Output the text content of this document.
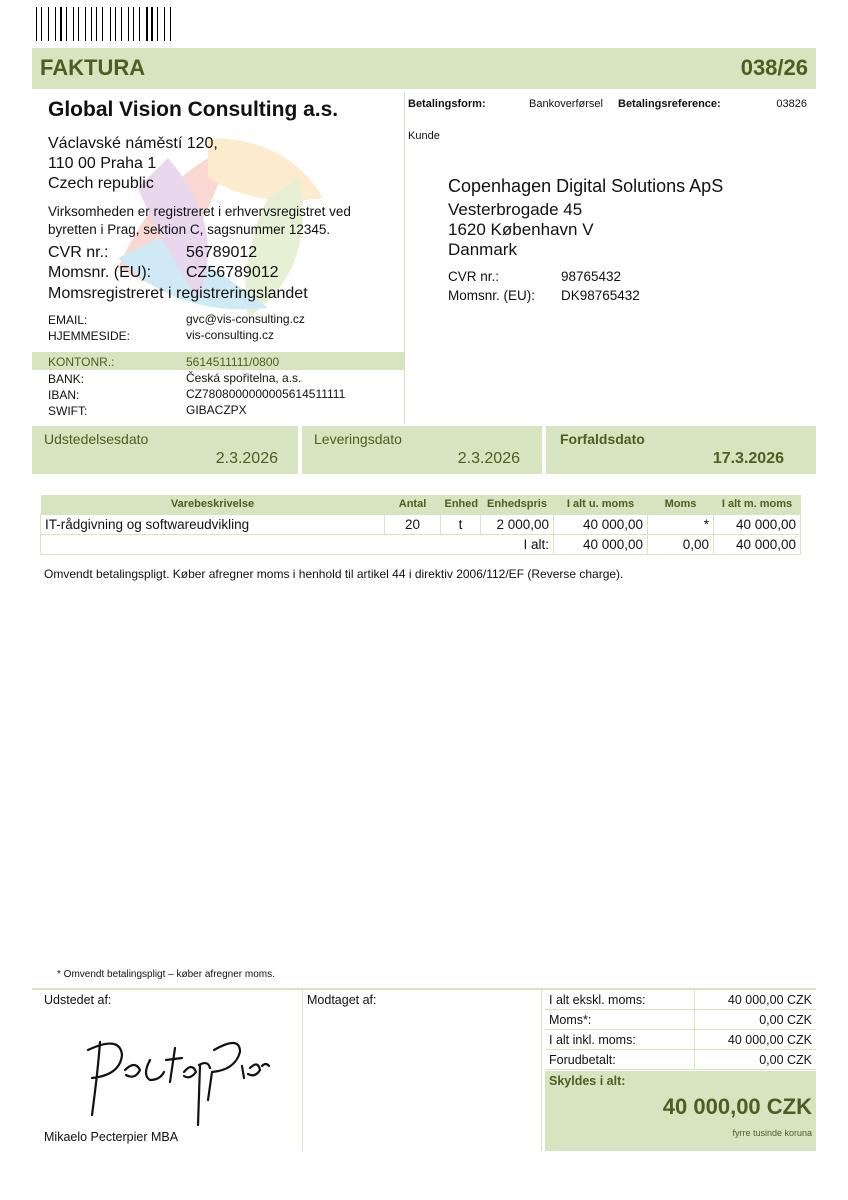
FAKTURA	038/26
Global Vision Consulting a.s.
Václavské náměstí 120,
110 00 Praha 1
Czech republic
Virksomheden er registreret i erhvervsregistret ved byretten i Prag, sektion C, sagsnummer 12345.
CVR nr.:	56789012
Momsnr. (EU): CZ56789012
Momsregistreret i registreringslandet
EMAIL:	gvc@vis-consulting.cz
HJEMMESIDE:	vis-consulting.cz
KONTONR.:	5614511111/0800
BANK:	Česká spořitelna, a.s.
IBAN:	CZ7808000000005614511111
SWIFT:	GIBACZPX
Betalingsform:	Bankoverførsel Betalingsreference:	03826
Kunde
Copenhagen Digital Solutions ApS
Vesterbrogade 45
1620 København V
Danmark
CVR nr.:	98765432
Momsnr. (EU): DK98765432
Udstedelsesdato
2.3.2026
Leveringsdato
2.3.2026
Forfaldsdato
17.3.2026
Varebeskrivelse	Antal	Enhed	Enhedspris	I alt u. moms	Moms	I alt m. moms
IT-rådgivning og softwareudvikling	20	t	2 000,00	40 000,00	*	40 000,00
I alt:				40 000,00	0,00	40 000,00
Omvendt betalingspligt. Køber afregner moms i henhold til artikel 44 i direktiv 2006/112/EF (Reverse charge).
* Omvendt betalingspligt – køber afregner moms.
Udstedet af:	Modtaget af:
Mikaelo Pecterpier MBA
I alt ekskl. moms:	40 000,00 CZK
Moms*:	0,00 CZK
I alt inkl. moms:	40 000,00 CZK
Forudbetalt:	0,00 CZK
Skyldes i alt:
40 000,00 CZK
fyrre tusinde koruna
